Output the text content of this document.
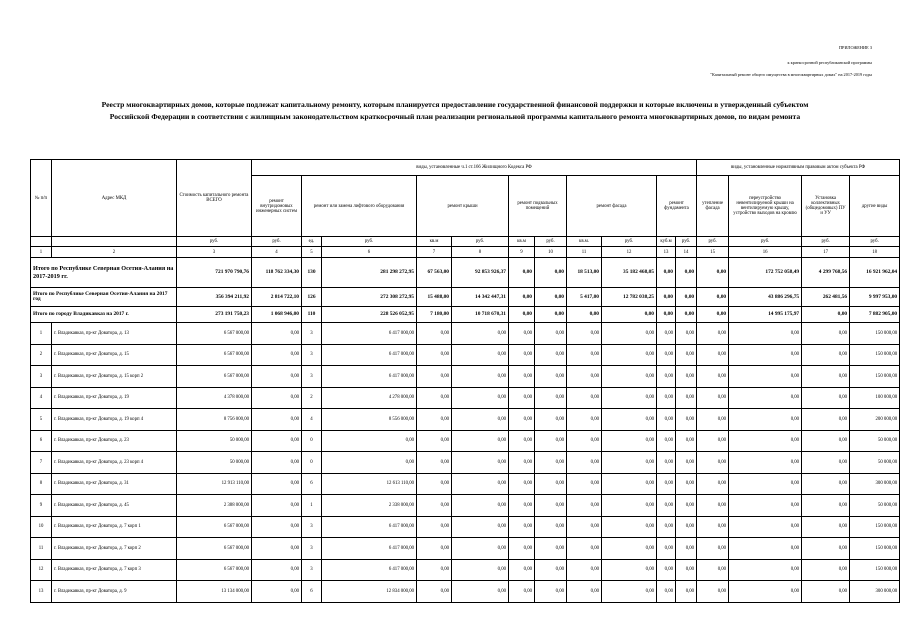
ПРИЛОЖЕНИЕ 3
к краткосрочной республиканской программы
"Капитальный ремонт общего имущества в многоквартирных домах" на 2017-2019 годы
Реестр многоквартирных домов, которые подлежат капитальному ремонту, которым планируется предоставление государственной финансовой поддержки и которые включены в утвержденный субъектом
Российской Федерации в соответствии с жилищным законодательством краткосрочный план реализации региональной программы капитального ремонта многоквартирных домов, по видам ремонта
№ п/п	Адрес МКД	Стоимость капитального ремонта ВСЕГО	виды, установленные ч.1 ст.166 Жилищного Кодекса РФ											виды, установленные нормативным правовым актом субъекта РФ			
			ремонт внутридомовых инженерных систем	ремонт или замена лифтового оборудования		ремонт крыши		ремонт подвальных помещений		ремонт фасада		ремонт фундамента		утепление фасада	переустройство невентилируемой крыши на вентилируемую крышу, устройство выходов на кровлю	Установка коллективных (общедомовых) ПУ и УУ	другие виды
		руб.	руб.	ед.	руб.	кв.м	руб.	кв.м	руб.	кв.м.	руб.	куб.м	руб.	руб.	руб.	руб.	руб.
1	2	3	4	5	6	7	8	9	10	11	12	13	14	15	16	17	18
Итого по Республике Северная Осетия-Алания на 2017-2019 гг.		721 970 790,76	118 762 334,30	130	281 298 272,95	67 563,00	92 853 926,37	0,00	0,00	18 513,00	35 182 468,05	0,00	0,00	0,00	172 752 058,49	4 299 768,56	16 921 962,04
Итого по Республике Северная Осетия-Алания на 2017 год		356 394 211,92	2 814 722,10	126	272 308 272,95	15 488,00	14 342 447,31	0,00	0,00	5 417,00	12 782 038,25	0,00	0,00	0,00	43 886 296,75	262 481,56	9 997 953,00
Итого по городу Владикавказ на 2017 г.		273 191 750,23	1 068 946,00	110	228 526 052,95	7 180,00	10 718 670,31	0,00	0,00	0,00	0,00	0,00	0,00	0,00	14 995 175,97	0,00	7 882 905,00
1	г. Владикавказ, пр-кт Доватора, д. 13	6 567 000,00	0,00	3	6 417 000,00	0,00	0,00	0,00	0,00	0,00	0,00	0,00	0,00	0,00	0,00	0,00	150 000,00
2	г. Владикавказ, пр-кт Доватора, д. 15	6 567 000,00	0,00	3	6 417 000,00	0,00	0,00	0,00	0,00	0,00	0,00	0,00	0,00	0,00	0,00	0,00	150 000,00
3	г. Владикавказ, пр-кт Доватора, д. 15 корп 2	6 567 000,00	0,00	3	6 417 000,00	0,00	0,00	0,00	0,00	0,00	0,00	0,00	0,00	0,00	0,00	0,00	150 000,00
4	г. Владикавказ, пр-кт Доватора, д. 19	4 378 000,00	0,00	2	4 278 000,00	0,00	0,00	0,00	0,00	0,00	0,00	0,00	0,00	0,00	0,00	0,00	100 000,00
5	г. Владикавказ, пр-кт Доватора, д. 19 корп 4	8 756 000,00	0,00	4	8 556 000,00	0,00	0,00	0,00	0,00	0,00	0,00	0,00	0,00	0,00	0,00	0,00	200 000,00
6	г. Владикавказ, пр-кт Доватора, д. 23	50 000,00	0,00	0	0,00	0,00	0,00	0,00	0,00	0,00	0,00	0,00	0,00	0,00	0,00	0,00	50 000,00
7	г. Владикавказ, пр-кт Доватора, д. 23 корп 4	50 000,00	0,00	0	0,00	0,00	0,00	0,00	0,00	0,00	0,00	0,00	0,00	0,00	0,00	0,00	50 000,00
8	г. Владикавказ, пр-кт Доватора, д. 31	12 913 110,00	0,00	6	12 613 110,00	0,00	0,00	0,00	0,00	0,00	0,00	0,00	0,00	0,00	0,00	0,00	300 000,00
9	г. Владикавказ, пр-кт Доватора, д. 45	2 388 000,00	0,00	1	2 338 000,00	0,00	0,00	0,00	0,00	0,00	0,00	0,00	0,00	0,00	0,00	0,00	50 000,00
10	г. Владикавказ, пр-кт Доватора, д. 7 корп 1	6 567 000,00	0,00	3	6 417 000,00	0,00	0,00	0,00	0,00	0,00	0,00	0,00	0,00	0,00	0,00	0,00	150 000,00
11	г. Владикавказ, пр-кт Доватора, д. 7 корп 2	6 567 000,00	0,00	3	6 417 000,00	0,00	0,00	0,00	0,00	0,00	0,00	0,00	0,00	0,00	0,00	0,00	150 000,00
12	г. Владикавказ, пр-кт Доватора, д. 7 корп 3	6 567 000,00	0,00	3	6 417 000,00	0,00	0,00	0,00	0,00	0,00	0,00	0,00	0,00	0,00	0,00	0,00	150 000,00
13	г. Владикавказ, пр-кт Доватора, д. 9	13 134 000,00	0,00	6	12 834 000,00	0,00	0,00	0,00	0,00	0,00	0,00	0,00	0,00	0,00	0,00	0,00	300 000,00
